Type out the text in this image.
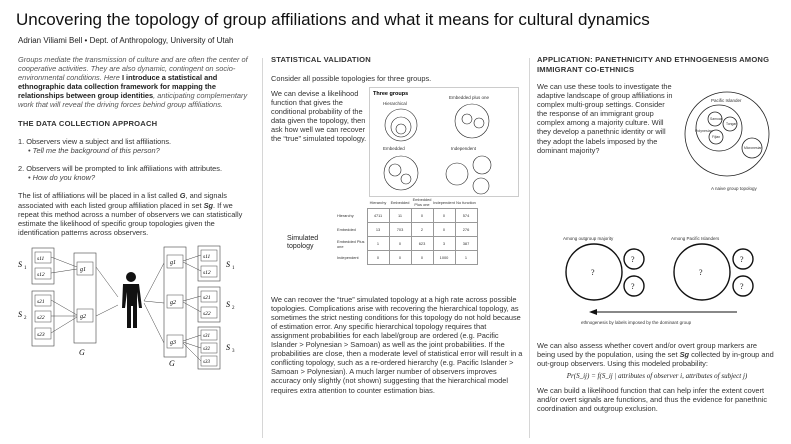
Uncovering the topology of group affiliations and what it means for cultural dynamics
Adrian Viliami Bell • Dept. of Anthropology, University of Utah

Groups mediate the transmission of culture and are often the center of cooperative activities. They are also dynamic, contingent on socio-environmental conditions. Here I introduce a statistical and ethnographic data collection framework for mapping the relationships between group identities, anticipating complementary work that will reveal the driving forces behind group affiliations.

THE DATA COLLECTION APPROACH

1. Observers view a subject and list affiliations.

• Tell me the background of this person?

2. Observers will be prompted to link affiliations with attributes.

• How do you know?

The list of affiliations will be placed in a list called G, and signals associated with each listed group affiliation placed in set Sg. If we repeat this method across a number of observers we can statistically estimate the likelihood of specific group topologies given the identification patterns across observers.

S 1
S 2
s11
s12
s21
s22
s23
g1
g2
G
g1
g2
g3
G
s11
s12
s21
s22
s31
s32
s33
S 1
S 2
S 3
STATISTICAL VALIDATION

Consider all possible topologies for three groups.

We can devise a likelihood function that gives the conditional probability of the data given the topology, then ask how well we can recover the “true” simulated topology.

Three groups
Hierarchical
Embedded plus one
Embedded	Independent
Simulated topology
	Hierarchy	Embedded	Embedded Plus one	Independent	No function
Hierarchy	4711	11	0	0	574
Embedded	13	703	2	0	276
Embedded Plus one	1	0	623	3	387
Independent	0	0	0	1000	1

We can recover the “true” simulated topology at a high rate across possible topologies. Complications arise with recovering the hierarchical topology, as sometimes the strict nesting conditions for this topology do not hold because of estimation error. Any specific hierarchical topology requires that assignment probabilities for each label/group are ordered (e.g. Pacific Islander > Polynesian > Samoan) as well as the joint probabilities. If the probabilities are close, then a moderate level of statistical error will result in a conflicting topology, such as a re-ordered hierarchy (e.g. Pacific Islander > Samoan > Polynesian). A much larger number of observers improves accuracy only slightly (not shown) suggesting that the hierarchical model requires extra attention to counter estimation bias.

APPLICATION: PANETHNICITY AND ETHNOGENESIS AMONG IMMIGRANT CO-ETHNICS

We can use these tools to investigate the adaptive landscape of group affiliations in complex multi-group settings. Consider the response of an immigrant group complex among a majority culture. Will they develop a panethnic identity or will they adopt the labels imposed by the dominant majority?

Pacific Islander
Polynesian
Samoan
Tongan
Fijian
Micronesian
A naive group topology
Among outgroup majority	Among Pacific Islanders
?
?
?
?
?
?
ethnogenesis by labels imposed by the dominant group

We can also assess whether covert and/or overt group markers are being used by the population, using the set Sg collected by in-group and out-group observers. Using this modeled probability:

Pr(S_ij) = f(S_ij | attributes of observer i, attributes of subject j)

We can build a likelihood function that can help infer the extent covert and/or overt signals are functions, and thus the evidence for panethnic coordination and outgroup exclusion.
